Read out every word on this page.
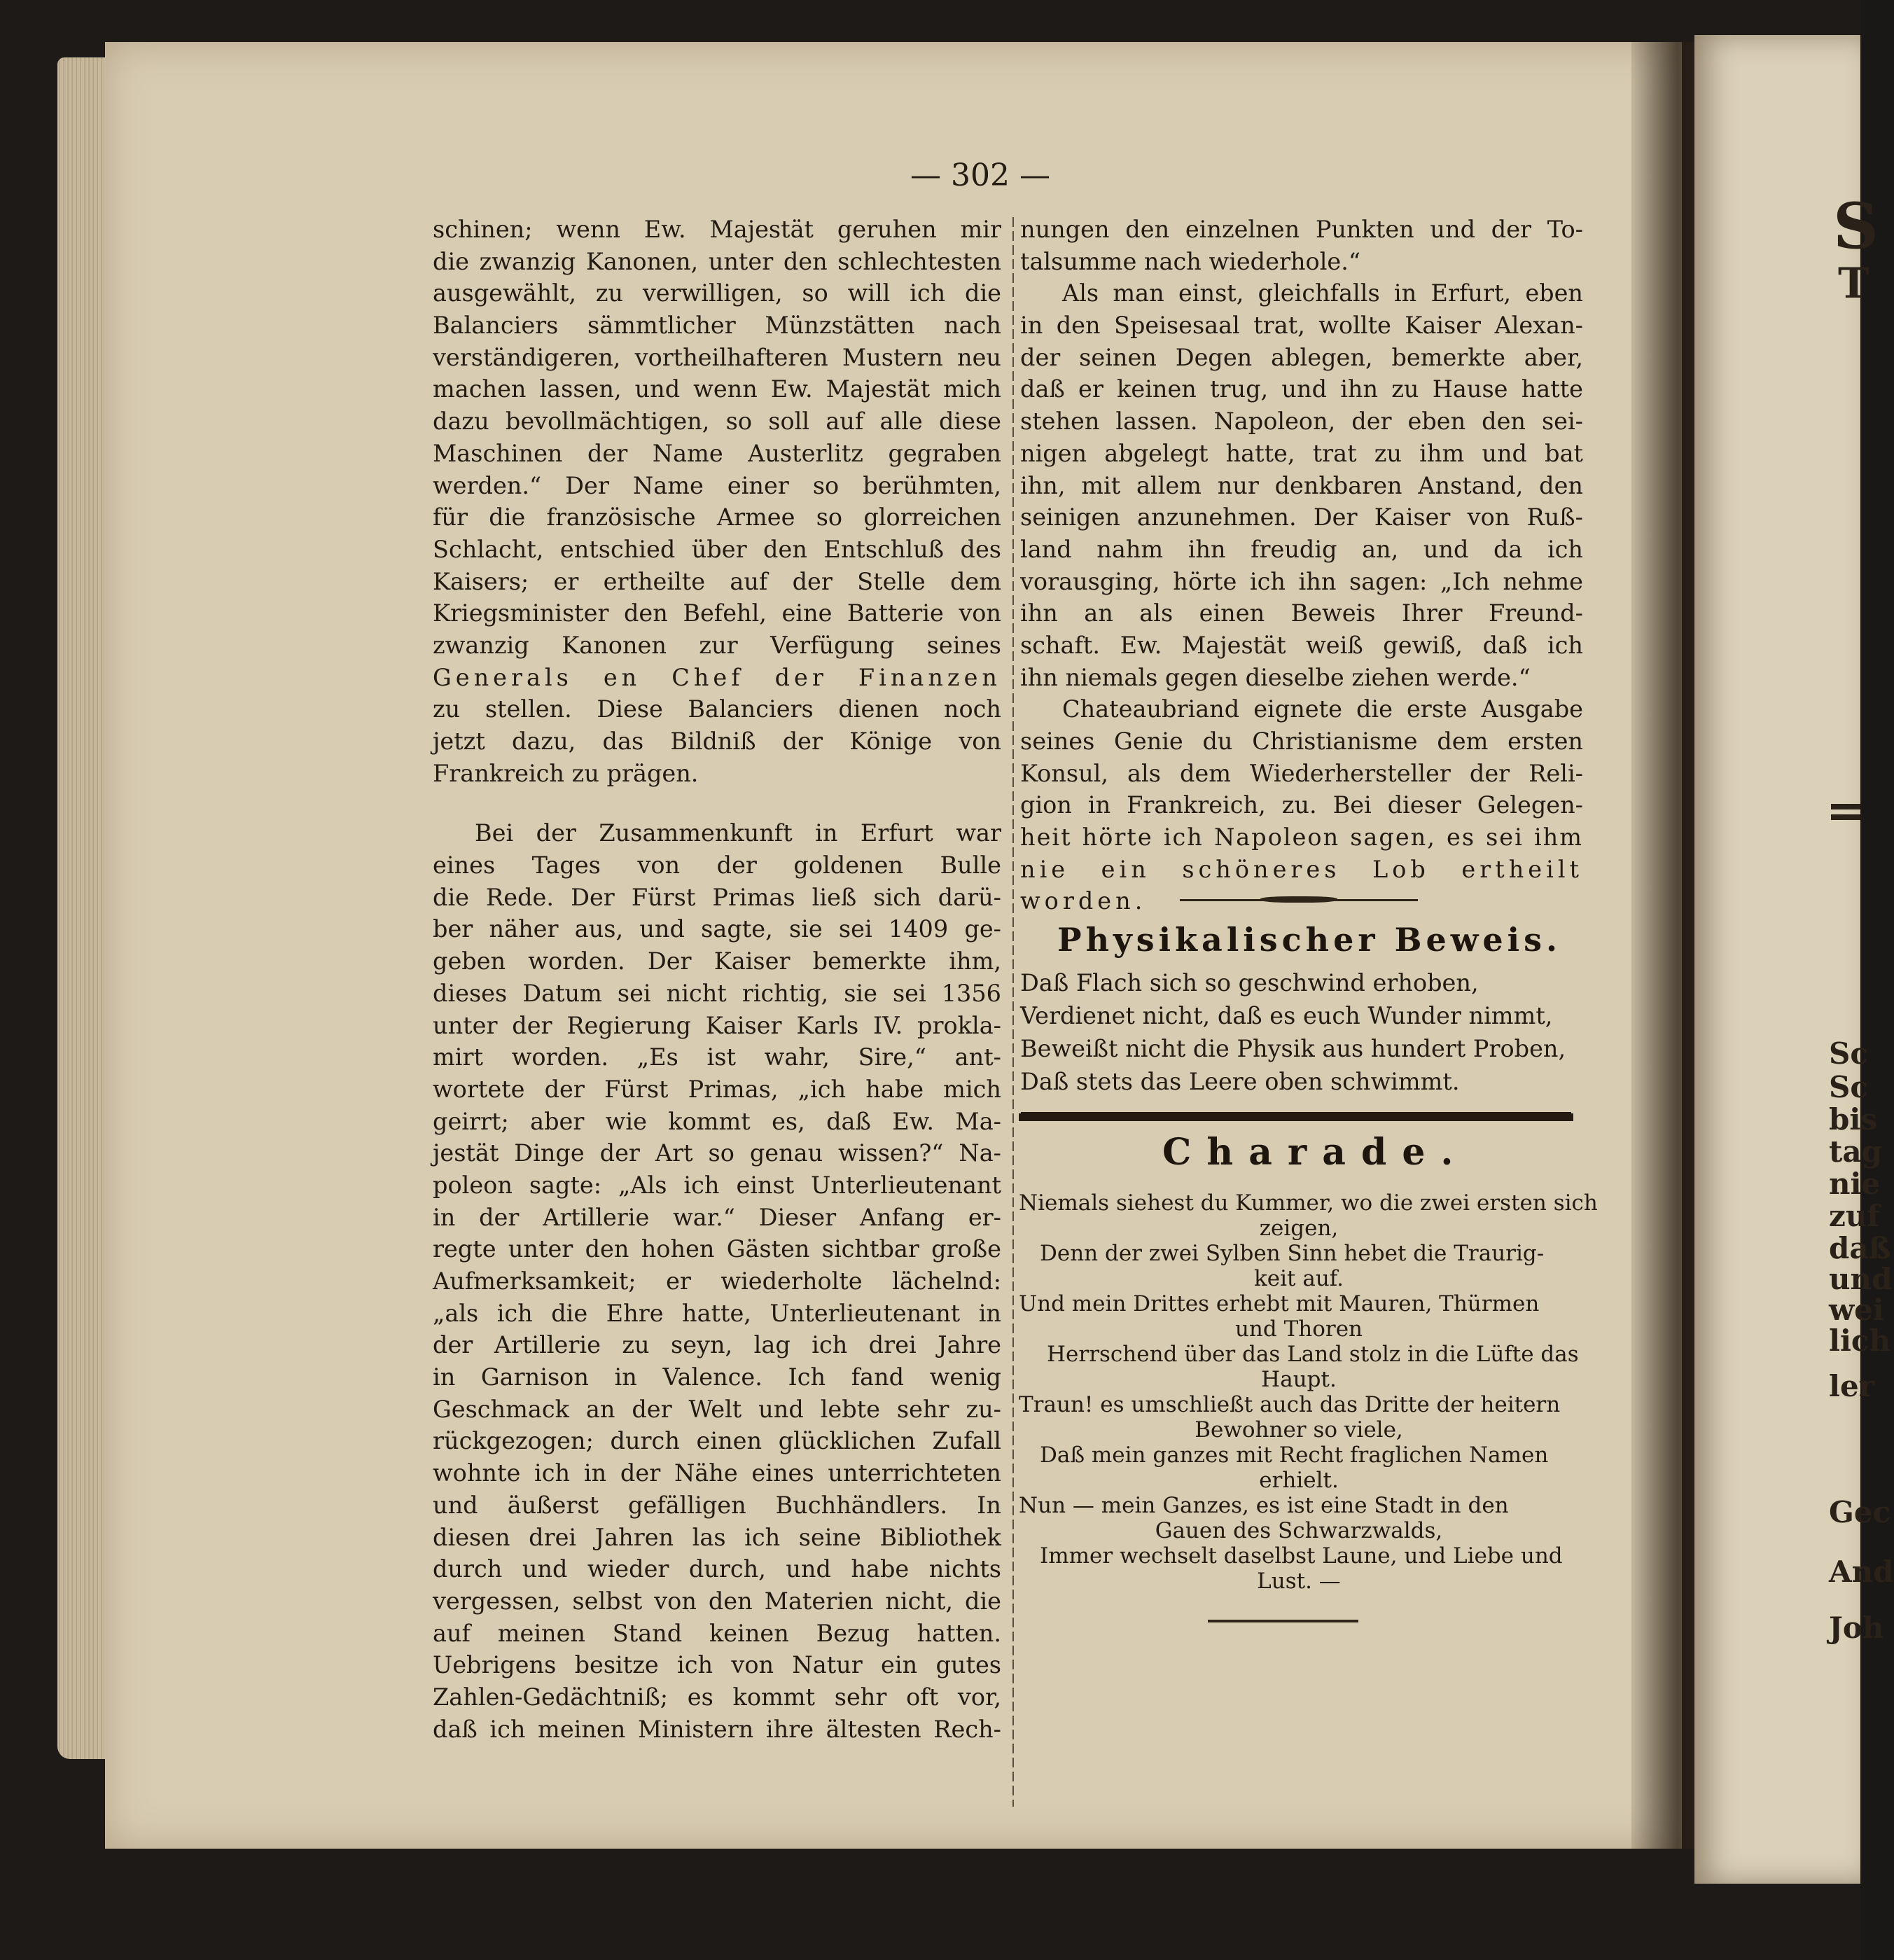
S
T
Sc
Sc
bis
tag
nie
zuf
daß
und
wei
lich
ler
Gec
And
Joh
— 302 —
schinen; wenn Ew. Majestät geruhen mir
die zwanzig Kanonen, unter den schlechtesten
ausgewählt, zu verwilligen, so will ich die
Balanciers sämmtlicher Münzstätten nach
verständigeren, vortheilhafteren Mustern neu
machen lassen, und wenn Ew. Majestät mich
dazu bevollmächtigen, so soll auf alle diese
Maschinen der Name Austerlitz gegraben
werden.“ Der Name einer so berühmten,
für die französische Armee so glorreichen
Schlacht, entschied über den Entschluß des
Kaisers; er ertheilte auf der Stelle dem
Kriegsminister den Befehl, eine Batterie von
zwanzig Kanonen zur Verfügung seines
Generals en Chef der Finanzen
zu stellen. Diese Balanciers dienen noch
jetzt dazu, das Bildniß der Könige von
Frankreich zu prägen.
Bei der Zusammenkunft in Erfurt war
eines Tages von der goldenen Bulle
die Rede. Der Fürst Primas ließ sich darü-
ber näher aus, und sagte, sie sei 1409 ge-
geben worden. Der Kaiser bemerkte ihm,
dieses Datum sei nicht richtig, sie sei 1356
unter der Regierung Kaiser Karls IV. prokla-
mirt worden. „Es ist wahr, Sire,“ ant-
wortete der Fürst Primas, „ich habe mich
geirrt; aber wie kommt es, daß Ew. Ma-
jestät Dinge der Art so genau wissen?“ Na-
poleon sagte: „Als ich einst Unterlieutenant
in der Artillerie war.“ Dieser Anfang er-
regte unter den hohen Gästen sichtbar große
Aufmerksamkeit; er wiederholte lächelnd:
„als ich die Ehre hatte, Unterlieutenant in
der Artillerie zu seyn, lag ich drei Jahre
in Garnison in Valence. Ich fand wenig
Geschmack an der Welt und lebte sehr zu-
rückgezogen; durch einen glücklichen Zufall
wohnte ich in der Nähe eines unterrichteten
und äußerst gefälligen Buchhändlers. In
diesen drei Jahren las ich seine Bibliothek
durch und wieder durch, und habe nichts
vergessen, selbst von den Materien nicht, die
auf meinen Stand keinen Bezug hatten.
Uebrigens besitze ich von Natur ein gutes
Zahlen-Gedächtniß; es kommt sehr oft vor,
daß ich meinen Ministern ihre ältesten Rech-
nungen den einzelnen Punkten und der To-
talsumme nach wiederhole.“
Als man einst, gleichfalls in Erfurt, eben
in den Speisesaal trat, wollte Kaiser Alexan-
der seinen Degen ablegen, bemerkte aber,
daß er keinen trug, und ihn zu Hause hatte
stehen lassen. Napoleon, der eben den sei-
nigen abgelegt hatte, trat zu ihm und bat
ihn, mit allem nur denkbaren Anstand, den
seinigen anzunehmen. Der Kaiser von Ruß-
land nahm ihn freudig an, und da ich
vorausging, hörte ich ihn sagen: „Ich nehme
ihn an als einen Beweis Ihrer Freund-
schaft. Ew. Majestät weiß gewiß, daß ich
ihn niemals gegen dieselbe ziehen werde.“
Chateaubriand eignete die erste Ausgabe
seines Genie du Christianisme dem ersten
Konsul, als dem Wiederhersteller der Reli-
gion in Frankreich, zu. Bei dieser Gelegen-
heit hörte ich Napoleon sagen, es sei ihm
nie ein schöneres Lob ertheilt
worden.
Physikalischer Beweis.
Daß Flach sich so geschwind erhoben,
Verdienet nicht, daß es euch Wunder nimmt,
Beweißt nicht die Physik aus hundert Proben,
Daß stets das Leere oben schwimmt.
Charade.
Niemals siehest du Kummer, wo die zwei ersten sich
zeigen,
Denn der zwei Sylben Sinn hebet die Traurig-
keit auf.
Und mein Drittes erhebt mit Mauren, Thürmen
und Thoren
Herrschend über das Land stolz in die Lüfte das
Haupt.
Traun! es umschließt auch das Dritte der heitern
Bewohner so viele,
Daß mein ganzes mit Recht fraglichen Namen
erhielt.
Nun — mein Ganzes, es ist eine Stadt in den
Gauen des Schwarzwalds,
Immer wechselt daselbst Laune, und Liebe und
Lust. —
